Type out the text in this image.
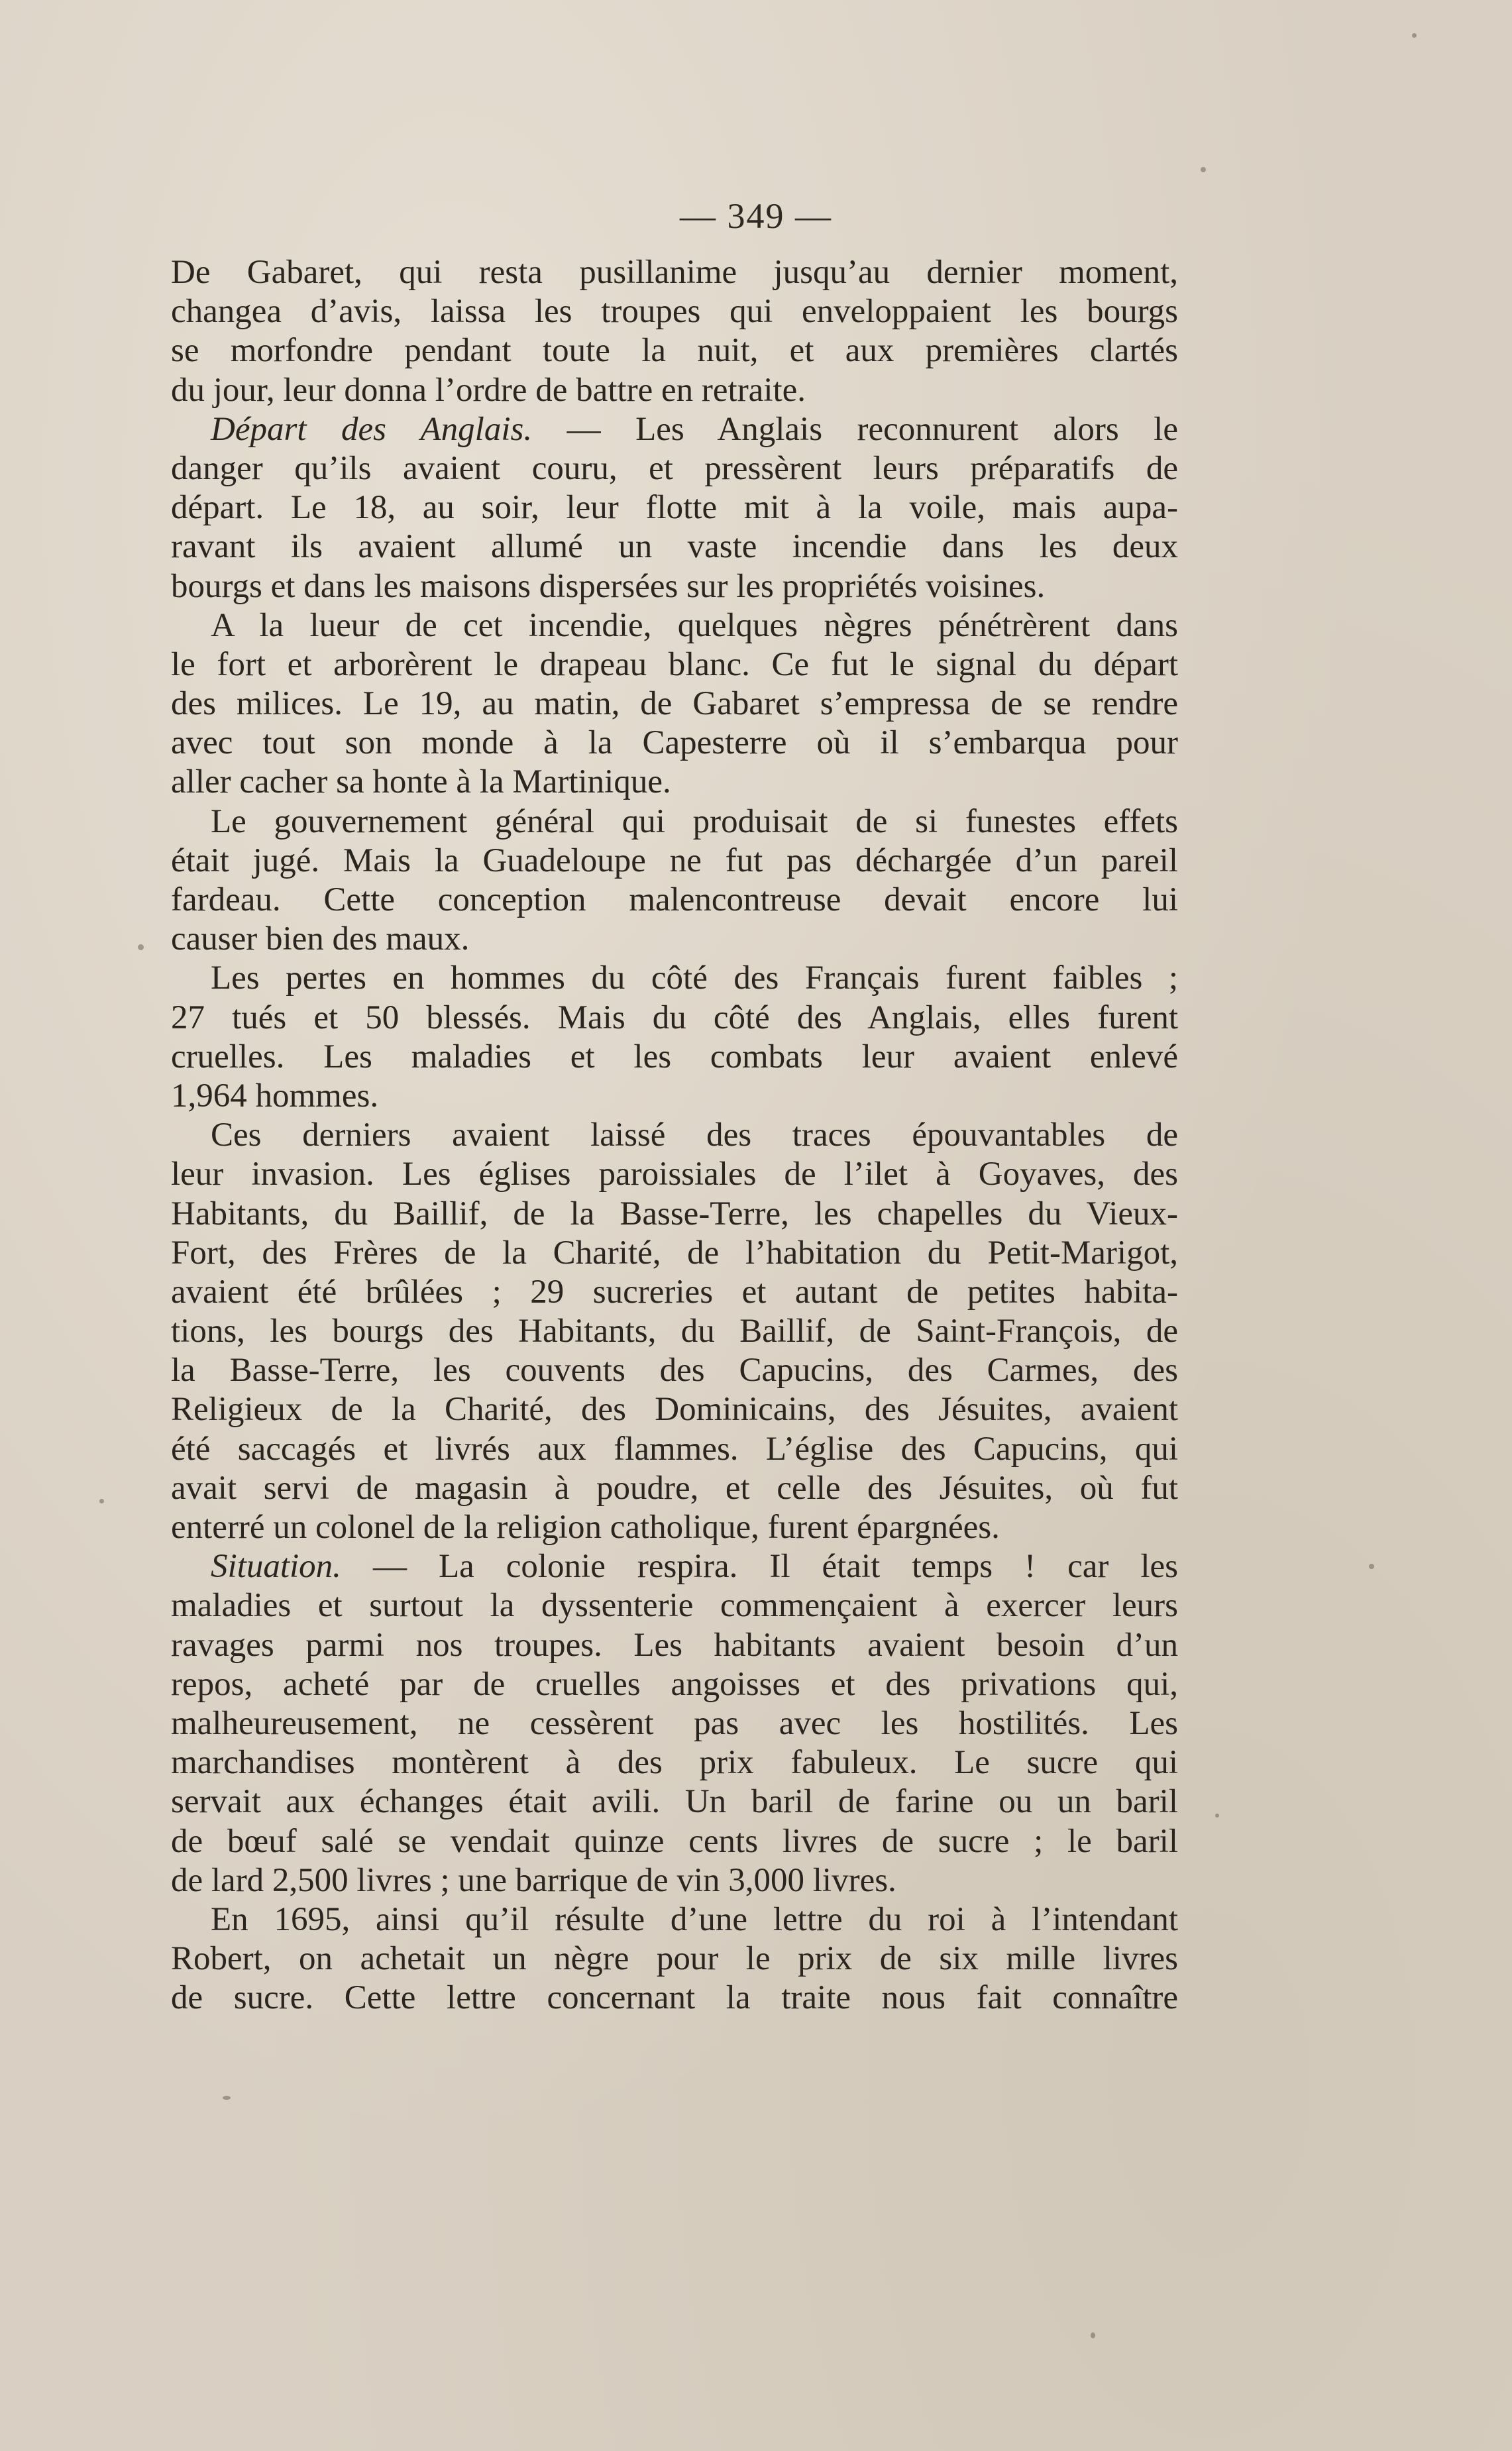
— 349 —
De Gabaret, qui resta pusillanime jusqu’au dernier moment,
changea d’avis, laissa les troupes qui enveloppaient les bourgs
se morfondre pendant toute la nuit, et aux premières clartés
du jour, leur donna l’ordre de battre en retraite.
Départ des Anglais. — Les Anglais reconnurent alors le
danger qu’ils avaient couru, et pressèrent leurs préparatifs de
départ. Le 18, au soir, leur flotte mit à la voile, mais aupa-
ravant ils avaient allumé un vaste incendie dans les deux
bourgs et dans les maisons dispersées sur les propriétés voisines.
A la lueur de cet incendie, quelques nègres pénétrèrent dans
le fort et arborèrent le drapeau blanc. Ce fut le signal du départ
des milices. Le 19, au matin, de Gabaret s’empressa de se rendre
avec tout son monde à la Capesterre où il s’embarqua pour
aller cacher sa honte à la Martinique.
Le gouvernement général qui produisait de si funestes effets
était jugé. Mais la Guadeloupe ne fut pas déchargée d’un pareil
fardeau. Cette conception malencontreuse devait encore lui
causer bien des maux.
Les pertes en hommes du côté des Français furent faibles ;
27 tués et 50 blessés. Mais du côté des Anglais, elles furent
cruelles. Les maladies et les combats leur avaient enlevé
1,964 hommes.
Ces derniers avaient laissé des traces épouvantables de
leur invasion. Les églises paroissiales de l’ilet à Goyaves, des
Habitants, du Baillif, de la Basse-Terre, les chapelles du Vieux-
Fort, des Frères de la Charité, de l’habitation du Petit-Marigot,
avaient été brûlées ; 29 sucreries et autant de petites habita-
tions, les bourgs des Habitants, du Baillif, de Saint-François, de
la Basse-Terre, les couvents des Capucins, des Carmes, des
Religieux de la Charité, des Dominicains, des Jésuites, avaient
été saccagés et livrés aux flammes. L’église des Capucins, qui
avait servi de magasin à poudre, et celle des Jésuites, où fut
enterré un colonel de la religion catholique, furent épargnées.
Situation. — La colonie respira. Il était temps ! car les
maladies et surtout la dyssenterie commençaient à exercer leurs
ravages parmi nos troupes. Les habitants avaient besoin d’un
repos, acheté par de cruelles angoisses et des privations qui,
malheureusement, ne cessèrent pas avec les hostilités. Les
marchandises montèrent à des prix fabuleux. Le sucre qui
servait aux échanges était avili. Un baril de farine ou un baril
de bœuf salé se vendait quinze cents livres de sucre ; le baril
de lard 2,500 livres ; une barrique de vin 3,000 livres.
En 1695, ainsi qu’il résulte d’une lettre du roi à l’intendant
Robert, on achetait un nègre pour le prix de six mille livres
de sucre. Cette lettre concernant la traite nous fait connaître
